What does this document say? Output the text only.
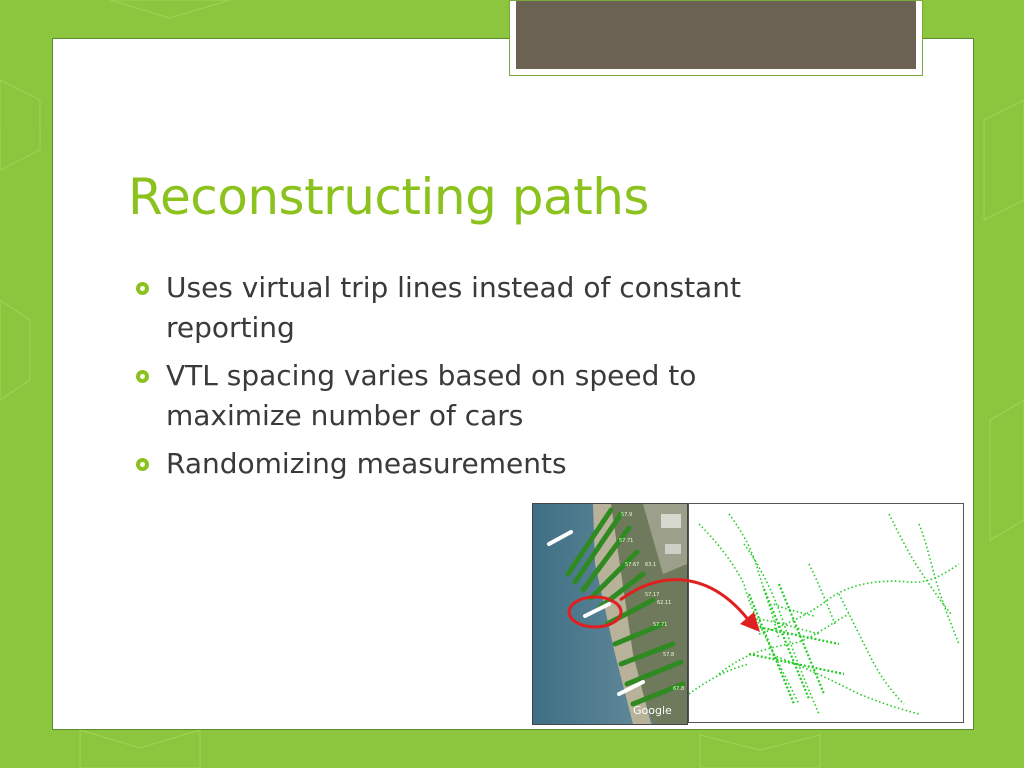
Reconstructing paths
Uses virtual trip lines instead of constant
reporting
VTL spacing varies based on speed to
maximize number of cars
Randomizing measurements
57.9
57.71
57.67 63.1
57.17
62.11
57.71
57.8
67.8
Google
